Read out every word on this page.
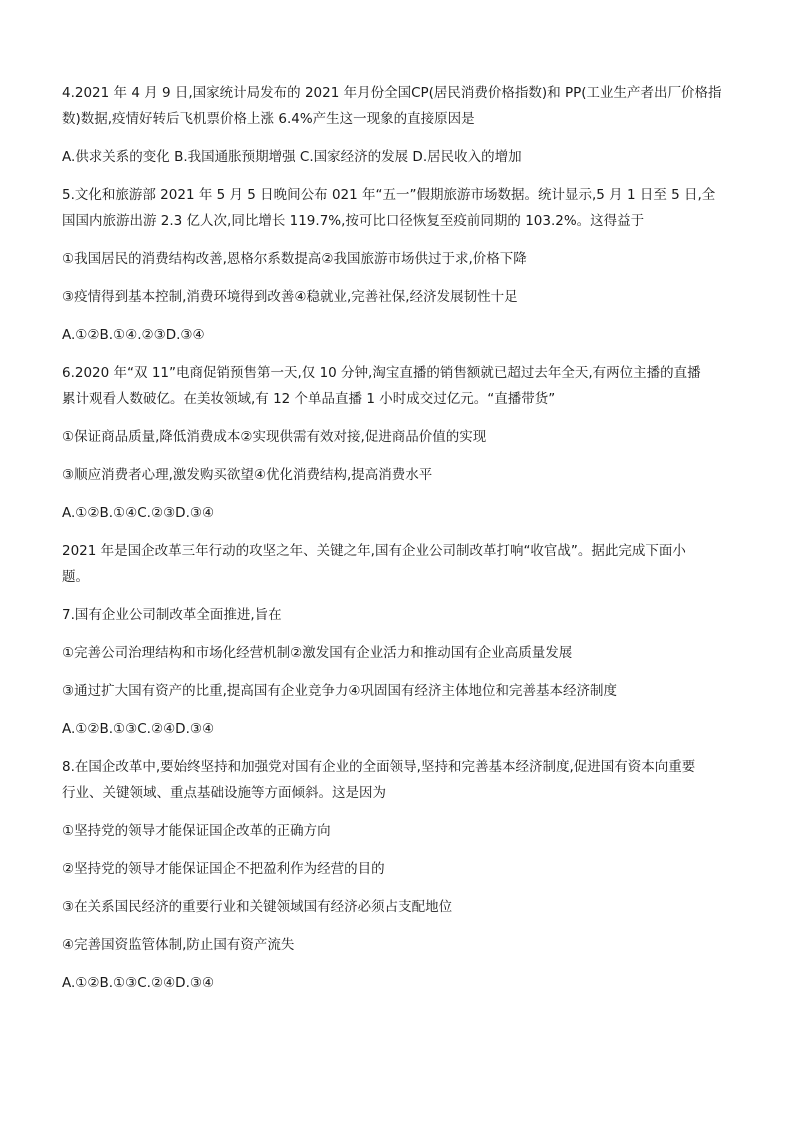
4.2021 年 4 月 9 日,国家统计局发布的 2021 年月份全国CP(居民消费价格指数)和 PP(工业生产者出厂价格指
数)数据,疫情好转后飞机票价格上涨 6.4%产生这一现象的直接原因是
A.供求关系的变化 B.我国通胀预期增强 C.国家经济的发展 D.居民收入的增加
5.文化和旅游部 2021 年 5 月 5 日晚间公布 021 年“五一”假期旅游市场数据。统计显示,5 月 1 日至 5 日,全
国国内旅游出游 2.3 亿人次,同比增长 119.7%,按可比口径恢复至疫前同期的 103.2%。这得益于
①我国居民的消费结构改善,恩格尔系数提高②我国旅游市场供过于求,价格下降
③疫情得到基本控制,消费环境得到改善④稳就业,完善社保,经济发展韧性十足
A.①②B.①④.②③D.③④
6.2020 年“双 11”电商促销预售第一天,仅 10 分钟,淘宝直播的销售额就已超过去年全天,有两位主播的直播
累计观看人数破亿。在美妆领域,有 12 个单品直播 1 小时成交过亿元。“直播带货”
①保证商品质量,降低消费成本②实现供需有效对接,促进商品价值的实现
③顺应消费者心理,激发购买欲望④优化消费结构,提高消费水平
A.①②B.①④C.②③D.③④
2021 年是国企改革三年行动的攻坚之年、关键之年,国有企业公司制改革打响“收官战”。据此完成下面小
题。
7.国有企业公司制改革全面推进,旨在
①完善公司治理结构和市场化经营机制②激发国有企业活力和推动国有企业高质量发展
③通过扩大国有资产的比重,提高国有企业竞争力④巩固国有经济主体地位和完善基本经济制度
A.①②B.①③C.②④D.③④
8.在国企改革中,要始终坚持和加强党对国有企业的全面领导,坚持和完善基本经济制度,促进国有资本向重要
行业、关键领域、重点基础设施等方面倾斜。这是因为
①坚持党的领导才能保证国企改革的正确方向
②坚持党的领导才能保证国企不把盈利作为经营的目的
③在关系国民经济的重要行业和关键领域国有经济必须占支配地位
④完善国资监管体制,防止国有资产流失
A.①②B.①③C.②④D.③④
